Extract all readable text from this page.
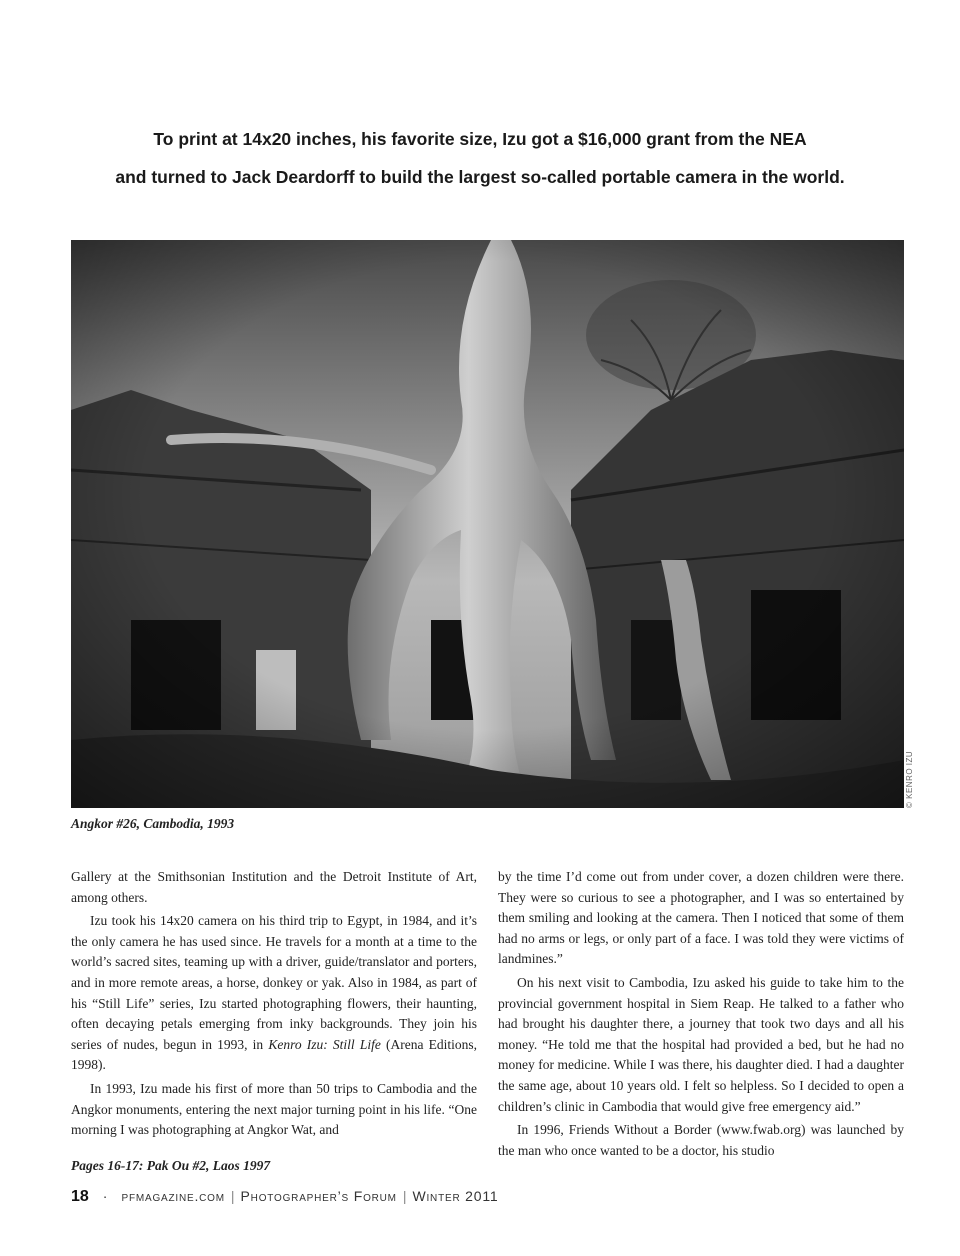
To print at 14x20 inches, his favorite size, Izu got a $16,000 grant from the NEA
and turned to Jack Deardorff to build the largest so-called portable camera in the world.
© KENRO IZU
Angkor #26, Cambodia, 1993

Gallery at the Smithsonian Institution and the Detroit Institute of Art, among others.

Izu took his 14x20 camera on his third trip to Egypt, in 1984, and it’s the only camera he has used since. He travels for a month at a time to the world’s sacred sites, teaming up with a driver, guide/translator and porters, and in more remote areas, a horse, donkey or yak. Also in 1984, as part of his “Still Life” series, Izu started photographing flowers, their haunting, often decaying petals emerging from inky backgrounds. They join his series of nudes, begun in 1993, in Kenro Izu: Still Life (Arena Editions, 1998).

In 1993, Izu made his first of more than 50 trips to Cambodia and the Angkor monuments, entering the next major turning point in his life. “One morning I was photographing at Angkor Wat, and

by the time I’d come out from under cover, a dozen children were there. They were so curious to see a photographer, and I was so entertained by them smiling and looking at the camera. Then I noticed that some of them had no arms or legs, or only part of a face. I was told they were victims of landmines.”

On his next visit to Cambodia, Izu asked his guide to take him to the provincial government hospital in Siem Reap. He talked to a father who had brought his daughter there, a journey that took two days and all his money. “He told me that the hospital had provided a bed, but he had no money for medicine. While I was there, his daughter died. I had a daughter the same age, about 10 years old. I felt so helpless. So I decided to open a children’s clinic in Cambodia that would give free emergency aid.”

In 1996, Friends Without a Border (www.fwab.org) was launched by the man who once wanted to be a doctor, his studio

Pages 16-17: Pak Ou #2, Laos 1997
18 · pfmagazine.com | Photographer’s Forum | Winter 2011
